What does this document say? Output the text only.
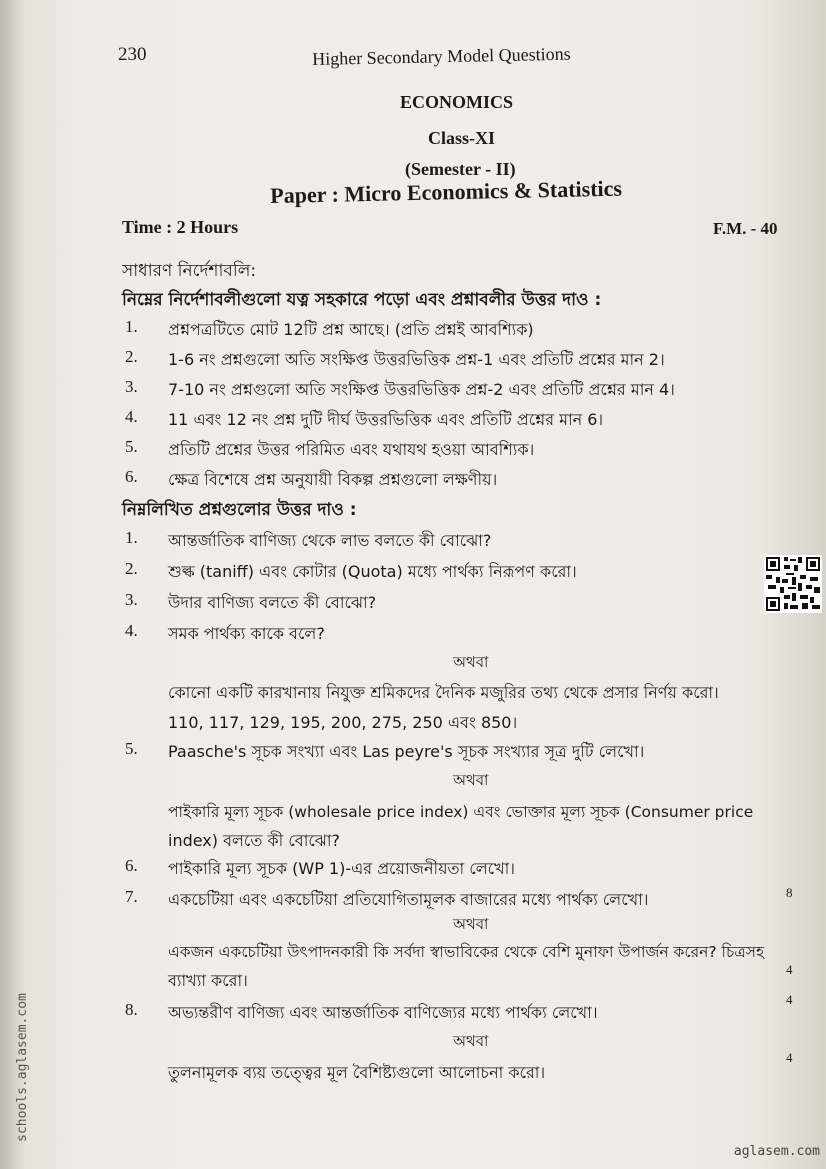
230	Higher Secondary Model Questions
ECONOMICS
Class-XI
(Semester - II)
Paper : Micro Economics & Statistics
Time : 2 Hours	F.M. - 40
সাধারণ নির্দেশাবলি:
নিম্নের নির্দেশাবলীগুলো যত্ন সহকারে পড়ো এবং প্রশ্নাবলীর উত্তর দাও :
1. প্রশ্নপত্রটিতে মোট 12টি প্রশ্ন আছে। (প্রতি প্রশ্নই আবশ্যিক)
2. 1-6 নং প্রশ্নগুলো অতি সংক্ষিপ্ত উত্তরভিত্তিক প্রশ্ন-1 এবং প্রতিটি প্রশ্নের মান 2।
3. 7-10 নং প্রশ্নগুলো অতি সংক্ষিপ্ত উত্তরভিত্তিক প্রশ্ন-2 এবং প্রতিটি প্রশ্নের মান 4।
4. 11 এবং 12 নং প্রশ্ন দুটি দীর্ঘ উত্তরভিত্তিক এবং প্রতিটি প্রশ্নের মান 6।
5. প্রতিটি প্রশ্নের উত্তর পরিমিত এবং যথাযথ হওয়া আবশ্যিক।
6. ক্ষেত্র বিশেষে প্রশ্ন অনুযায়ী বিকল্প প্রশ্নগুলো লক্ষণীয়।
নিম্নলিখিত প্রশ্নগুলোর উত্তর দাও :
1. আন্তর্জাতিক বাণিজ্য থেকে লাভ বলতে কী বোঝো?
2. শুল্ক (taniff) এবং কোটার (Quota) মধ্যে পার্থক্য নিরূপণ করো।
3. উদার বাণিজ্য বলতে কী বোঝো?
4. সমক পার্থক্য কাকে বলে?
অথবা
কোনো একটি কারখানায় নিযুক্ত শ্রমিকদের দৈনিক মজুরির তথ্য থেকে প্রসার নির্ণয় করো।
110, 117, 129, 195, 200, 275, 250 এবং 850।
5. Paasche's সূচক সংখ্যা এবং Las peyre's সূচক সংখ্যার সূত্র দুটি লেখো।
অথবা
পাইকারি মূল্য সূচক (wholesale price index) এবং ভোক্তার মূল্য সূচক (Consumer price
index) বলতে কী বোঝো?
6. পাইকারি মূল্য সূচক (WP 1)-এর প্রয়োজনীয়তা লেখো।
7. একচেটিয়া এবং একচেটিয়া প্রতিযোগিতামূলক বাজারের মধ্যে পার্থক্য লেখো।	8
অথবা
একজন একচেটিয়া উৎপাদনকারী কি সর্বদা স্বাভাবিকের থেকে বেশি মুনাফা উপার্জন করেন? চিত্রসহ
ব্যাখ্যা করো।
4
8. অভ্যন্তরীণ বাণিজ্য এবং আন্তর্জাতিক বাণিজ্যের মধ্যে পার্থক্য লেখো।
4
অথবা
তুলনামূলক ব্যয় তত্ত্বের মূল বৈশিষ্ট্যগুলো আলোচনা করো।
4
schools.aglasem.com
aglasem.com
